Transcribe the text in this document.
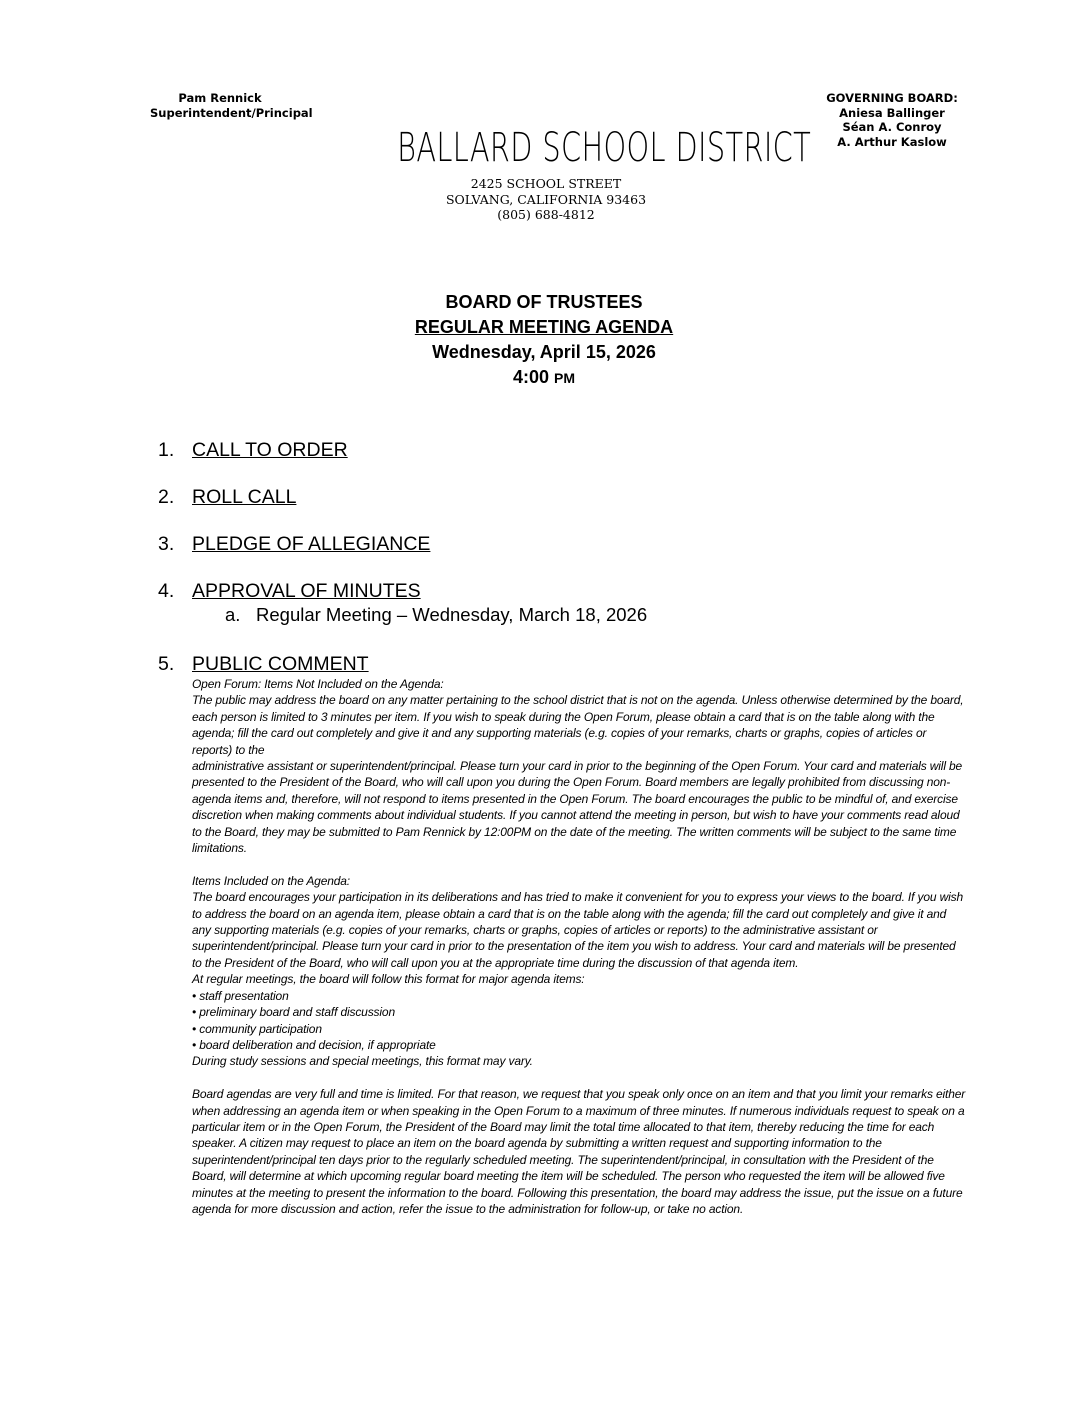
Pam Rennick
Superintendent/Principal
GOVERNING BOARD:
Aniesa Ballinger
Séan A. Conroy
A. Arthur Kaslow
BALLARD SCHOOL DISTRICT
2425 SCHOOL STREET
SOLVANG, CALIFORNIA 93463
(805) 688-4812
BOARD OF TRUSTEES
REGULAR MEETING AGENDA
Wednesday, April 15, 2026
4:00 PM
1. CALL TO ORDER
2. ROLL CALL
3. PLEDGE OF ALLEGIANCE
4. APPROVAL OF MINUTES
a. Regular Meeting – Wednesday, March 18, 2026
5. PUBLIC COMMENT

Open Forum: Items Not Included on the Agenda:

The public may address the board on any matter pertaining to the school district that is not on the agenda. Unless otherwise determined by the board, each person is limited to 3 minutes per item. If you wish to speak during the Open Forum, please obtain a card that is on the table along with the agenda; fill the card out completely and give it and any supporting materials (e.g. copies of your remarks, charts or graphs, copies of articles or reports) to the

administrative assistant or superintendent/principal. Please turn your card in prior to the beginning of the Open Forum. Your card and materials will be presented to the President of the Board, who will call upon you during the Open Forum. Board members are legally prohibited from discussing non-agenda items and, therefore, will not respond to items presented in the Open Forum. The board encourages the public to be mindful of, and exercise discretion when making comments about individual students. If you cannot attend the meeting in person, but wish to have your comments read aloud to the Board, they may be submitted to Pam Rennick by 12:00PM on the date of the meeting. The written comments will be subject to the same time limitations.

Items Included on the Agenda:

The board encourages your participation in its deliberations and has tried to make it convenient for you to express your views to the board. If you wish to address the board on an agenda item, please obtain a card that is on the table along with the agenda; fill the card out completely and give it and any supporting materials (e.g. copies of your remarks, charts or graphs, copies of articles or reports) to the administrative assistant or superintendent/principal. Please turn your card in prior to the presentation of the item you wish to address. Your card and materials will be presented to the President of the Board, who will call upon you at the appropriate time during the discussion of that agenda item.

At regular meetings, the board will follow this format for major agenda items:

• staff presentation

• preliminary board and staff discussion

• community participation

• board deliberation and decision, if appropriate

During study sessions and special meetings, this format may vary.

Board agendas are very full and time is limited. For that reason, we request that you speak only once on an item and that you limit your remarks either when addressing an agenda item or when speaking in the Open Forum to a maximum of three minutes. If numerous individuals request to speak on a particular item or in the Open Forum, the President of the Board may limit the total time allocated to that item, thereby reducing the time for each speaker. A citizen may request to place an item on the board agenda by submitting a written request and supporting information to the superintendent/principal ten days prior to the regularly scheduled meeting. The superintendent/principal, in consultation with the President of the Board, will determine at which upcoming regular board meeting the item will be scheduled. The person who requested the item will be allowed five minutes at the meeting to present the information to the board. Following this presentation, the board may address the issue, put the issue on a future agenda for more discussion and action, refer the issue to the administration for follow-up, or take no action.
